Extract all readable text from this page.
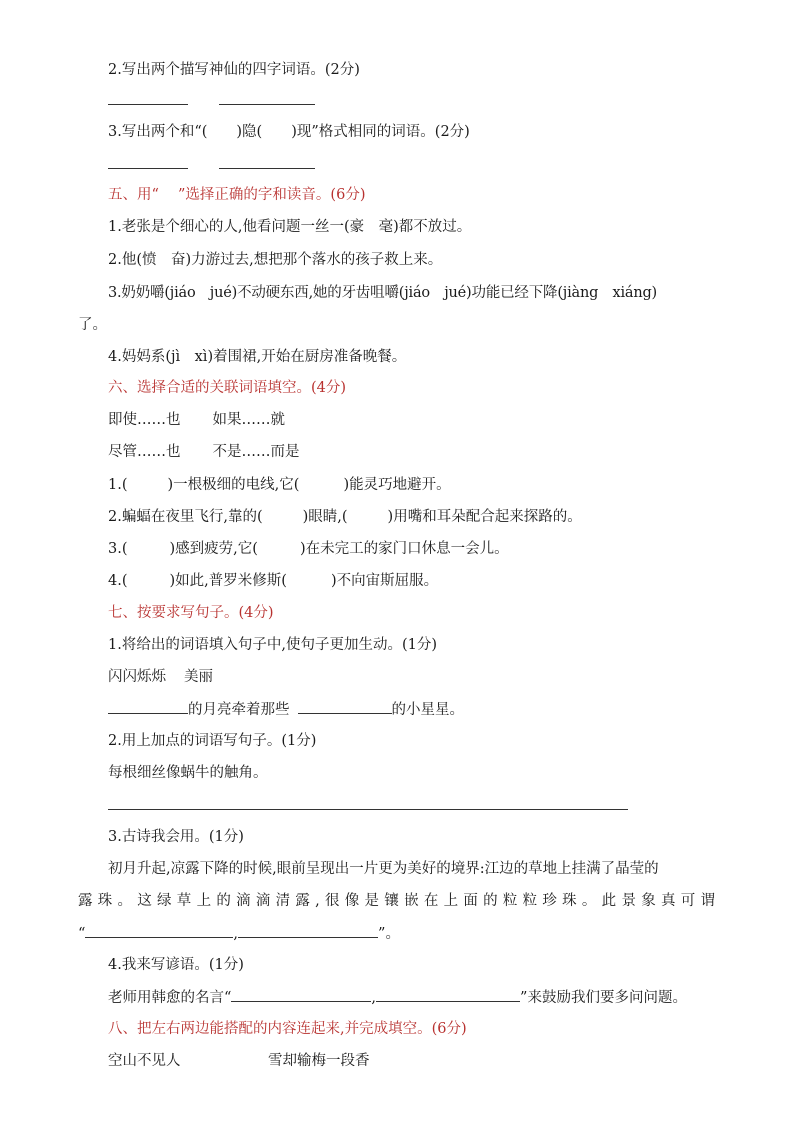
2.写出两个描写神仙的四字词语。(2分)
3.写出两个和“(　　)隐(　　)现”格式相同的词语。(2分)
五、用“　 ”选择正确的字和读音。(6分)
1.老张是个细心的人,他看问题一丝一(豪　毫)都不放过。
2.他(愤　奋)力游过去,想把那个落水的孩子救上来。
3.奶奶嚼(jiáo　jué)不动硬东西,她的牙齿咀嚼(jiáo　jué)功能已经下降(jiàng　xiáng)
了。
4.妈妈系(jì　xì)着围裙,开始在厨房准备晚餐。
六、选择合适的关联词语填空。(4分)
即使……也 如果……就
尽管……也 不是……而是
1.(	)一根极细的电线,它(	)能灵巧地避开。
2.蝙蝠在夜里飞行,靠的(	)眼睛,(	)用嘴和耳朵配合起来探路的。
3.(	)感到疲劳,它(	)在未完工的家门口休息一会儿。
4.(	)如此,普罗米修斯(	)不向宙斯屈服。
七、按要求写句子。(4分)
1.将给出的词语填入句子中,使句子更加生动。(1分)
闪闪烁烁 美丽
的月亮牵着那些	的小星星。
2.用上加点的词语写句子。(1分)
每根细丝像蜗牛的触角。
3.古诗我会用。(1分)
初月升起,凉露下降的时候,眼前呈现出一片更为美好的境界:江边的草地上挂满了晶莹的
露珠。这绿草上的滴滴清露,很像是镶嵌在上面的粒粒珍珠。此景象真可谓
“	,	”。
4.我来写谚语。(1分)
老师用韩愈的名言“	,	”来鼓励我们要多问问题。
八、把左右两边能搭配的内容连起来,并完成填空。(6分)
空山不见人	雪却输梅一段香
